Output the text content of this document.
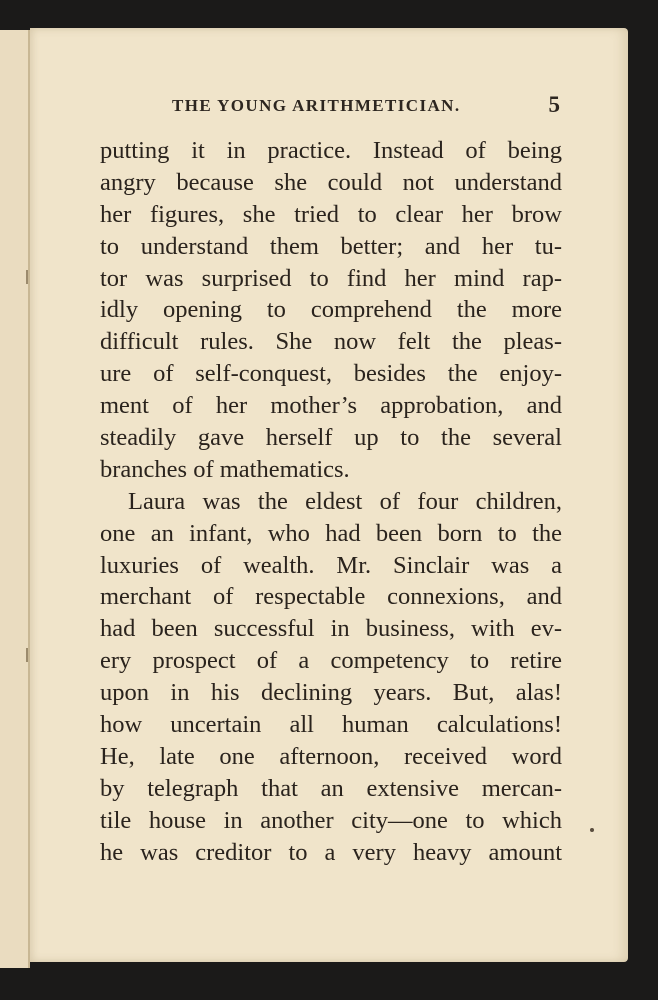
THE YOUNG ARITHMETICIAN.	5
putting it in practice. Instead of being
angry because she could not understand
her figures, she tried to clear her brow
to understand them better; and her tu-
tor was surprised to find her mind rap-
idly opening to comprehend the more
difficult rules. She now felt the pleas-
ure of self-conquest, besides the enjoy-
ment of her mother’s approbation, and
steadily gave herself up to the several
branches of mathematics.
Laura was the eldest of four children,
one an infant, who had been born to the
luxuries of wealth. Mr. Sinclair was a
merchant of respectable connexions, and
had been successful in business, with ev-
ery prospect of a competency to retire
upon in his declining years. But, alas!
how uncertain all human calculations!
He, late one afternoon, received word
by telegraph that an extensive mercan-
tile house in another city—one to which
he was creditor to a very heavy amount
